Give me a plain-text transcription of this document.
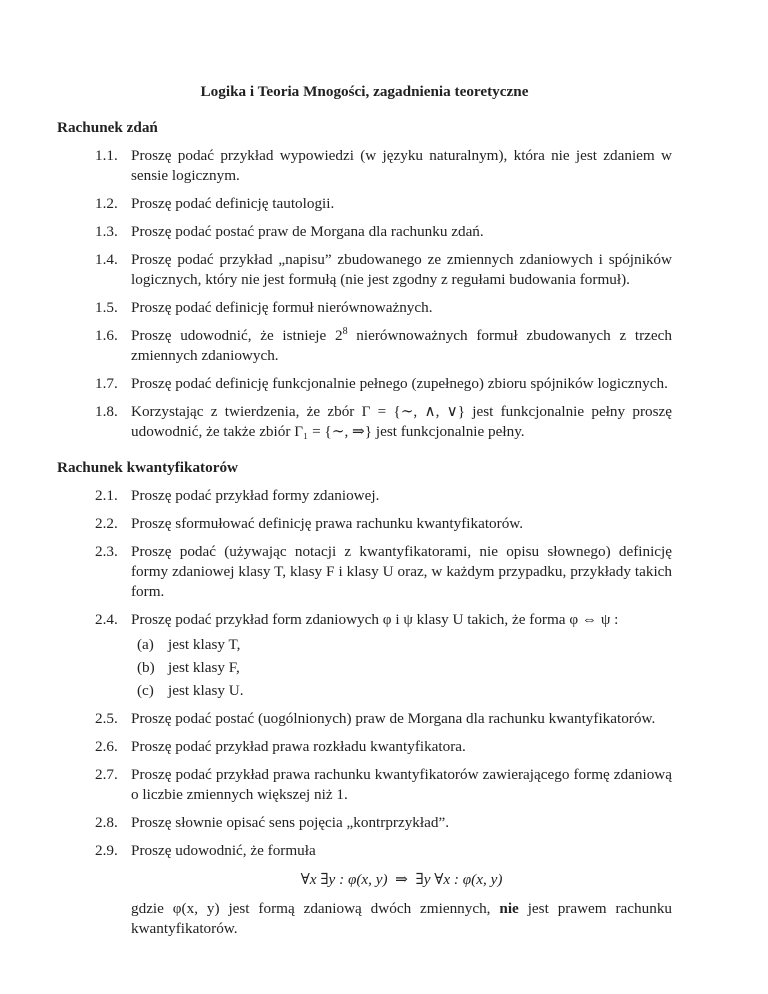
Logika i Teoria Mnogości, zagadnienia teoretyczne
Rachunek zdań
1.1. Proszę podać przykład wypowiedzi (w języku naturalnym), która nie jest zdaniem w sensie logicznym.
1.2. Proszę podać definicję tautologii.
1.3. Proszę podać postać praw de Morgana dla rachunku zdań.
1.4. Proszę podać przykład „napisu” zbudowanego ze zmiennych zdaniowych i spójników logicznych, który nie jest formułą (nie jest zgodny z regułami budowania formuł).
1.5. Proszę podać definicję formuł nierównoważnych.
1.6. Proszę udowodnić, że istnieje $2^8$ nierównoważnych formuł zbudowanych z trzech zmiennych zdaniowych.
1.7. Proszę podać definicję funkcjonalnie pełnego (zupełnego) zbioru spójników logicznych.
1.8. Korzystając z twierdzenia, że zbór Γ = {∼, ∧, ∨} jest funkcjonalnie pełny proszę udowodnić, że także zbiór Γ₁ = {∼, ⇒} jest funkcjonalnie pełny.
Rachunek kwantyfikatorów
2.1. Proszę podać przykład formy zdaniowej.
2.2. Proszę sformułować definicję prawa rachunku kwantyfikatorów.
2.3. Proszę podać (używając notacji z kwantyfikatorami, nie opisu słownego) definicję formy zdaniowej klasy T, klasy F i klasy U oraz, w każdym przypadku, przykłady takich form.
2.4. Proszę podać przykład form zdaniowych φ i ψ klasy U takich, że forma φ ⇔ ψ :
(a) jest klasy T,
(b) jest klasy F,
(c) jest klasy U.
2.5. Proszę podać postać (uogólnionych) praw de Morgana dla rachunku kwantyfikatorów.
2.6. Proszę podać przykład prawa rozkładu kwantyfikatora.
2.7. Proszę podać przykład prawa rachunku kwantyfikatorów zawierającego formę zdaniową o liczbie zmiennych większej niż 1.
2.8. Proszę słownie opisać sens pojęcia „kontrprzykład”.
2.9. Proszę udowodnić, że formuła
∀x ∃y : φ(x, y)  ⇒  ∃y ∀x : φ(x, y)
gdzie φ(x, y) jest formą zdaniową dwóch zmiennych, nie jest prawem rachunku kwantyfikatorów.
